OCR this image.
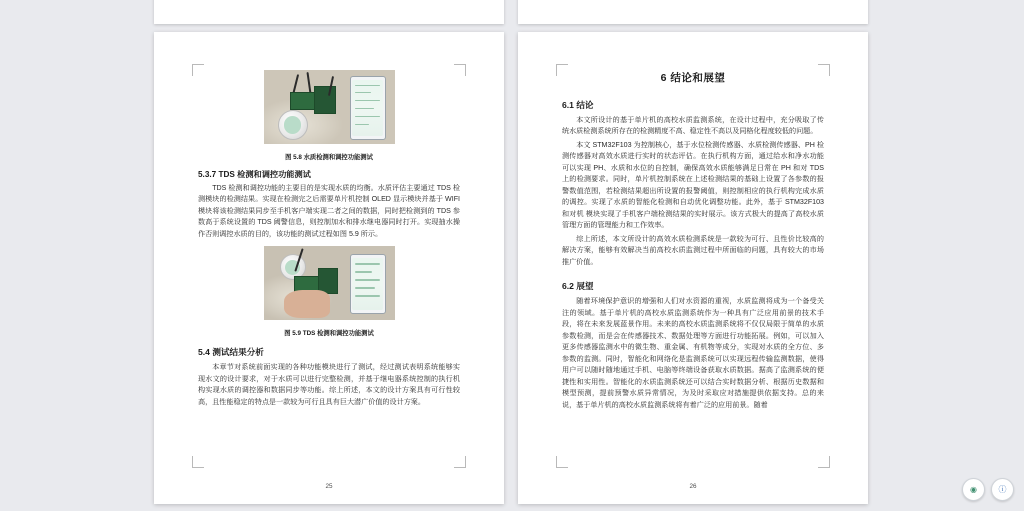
图 5.8 水质检测和调控功能测试
5.3.7 TDS 检测和调控功能测试

TDS 检测和调控功能的主要目的是实现水质的均衡。水质评估主要通过 TDS 检测模块的检测结果。实现在检测完之后需要单片机控制 OLED 显示模块并基于 WIFI 模块将该检测结果同步至手机客户端实现二者之间的数据，同时把检测到的 TDS 参数高于系统设置的 TDS 阈警信息，则控制加水和排水继电器同时打开。实现抽水操作否则调控水质的目的，该功能的测试过程如图 5.9 所示。

图 5.9 TDS 检测和调控功能测试
5.4 测试结果分析

本章节对系统前面实现的各种功能模块进行了测试，经过测试表明系统能够实现水文的设计要求，对于水质可以进行完整检测，并基于继电器系统控制的执行机构实现水质的调控器和数据同步等功能。综上所述，本文的设计方案具有可行性较高，且性能稳定的特点是一款较为可行且具有巨大潜广价值的设计方案。

25
6 结论和展望
6.1 结论

本文所设计的基于单片机的高校水质监测系统，在设计过程中，充分吸取了传统水质检测系统所存在的检测精度不高、稳定性不高以及同格化程度较低的问题。

本文 STM32F103 为控制核心，基于水位检测传感器、水质检测传感器、PH 检测传感器对高效水质进行实时的状态评估。在执行机构方面，通过给水和净水功能可以实现 PH、水质和水位的自控制，确保高效水质能够满足日常在 PH 和对 TDS 上的检测要求。同时，单片机控制系统在上述检测结果的基础上设置了各参数的报警数值范围，若检测结果超出所设置的报警阈值，则控制相应的执行机构完成水质的调控。实现了水质的智能化检测和自动优化调整功能。此外，基于 STM32F103 和对机 模块实现了手机客户端检测结果的实时展示。该方式极大的提高了高校水质管理方面的管理能力和工作效率。

综上所述，本文所设计的高效水质检测系统是一款较为可行、且性价比较高的解决方案，能够有效解决当前高校水质监测过程中所面临的问题，具有较大的市场推广价值。

6.2 展望

随着环境保护意识的增强和人们对水资源的重视，水质监测将成为一个备受关注的领域。基于单片机的高校水质监测系统作为一种具有广泛应用前景的技术手段，将在未来发展蓝景作用。未来的高校水质监测系统将不仅仅局限于简单的水质参数检测，而是会在传感器技术、数据处理等方面进行功能拓展。例如，可以加入更多传感器监测水中的微生物、重金属、有机物等成分，实现对水质的全方位、多参数的监测。同时，智能化和网络化是监测系统可以实现远程传输监测数据，使得用户可以随时随地通过手机、电脑等终端设备获取水质数据。据高了监测系统的便捷性和实用性。智能化的水质监测系统还可以结合实时数据分析、根据历史数据和模型预测，提前预警水质异常情况，为及时采取应对措施提供依据支持。总的来说，基于单片机的高校水质监测系统将有着广泛的应用前景。随着

26	◉	ⓘ
